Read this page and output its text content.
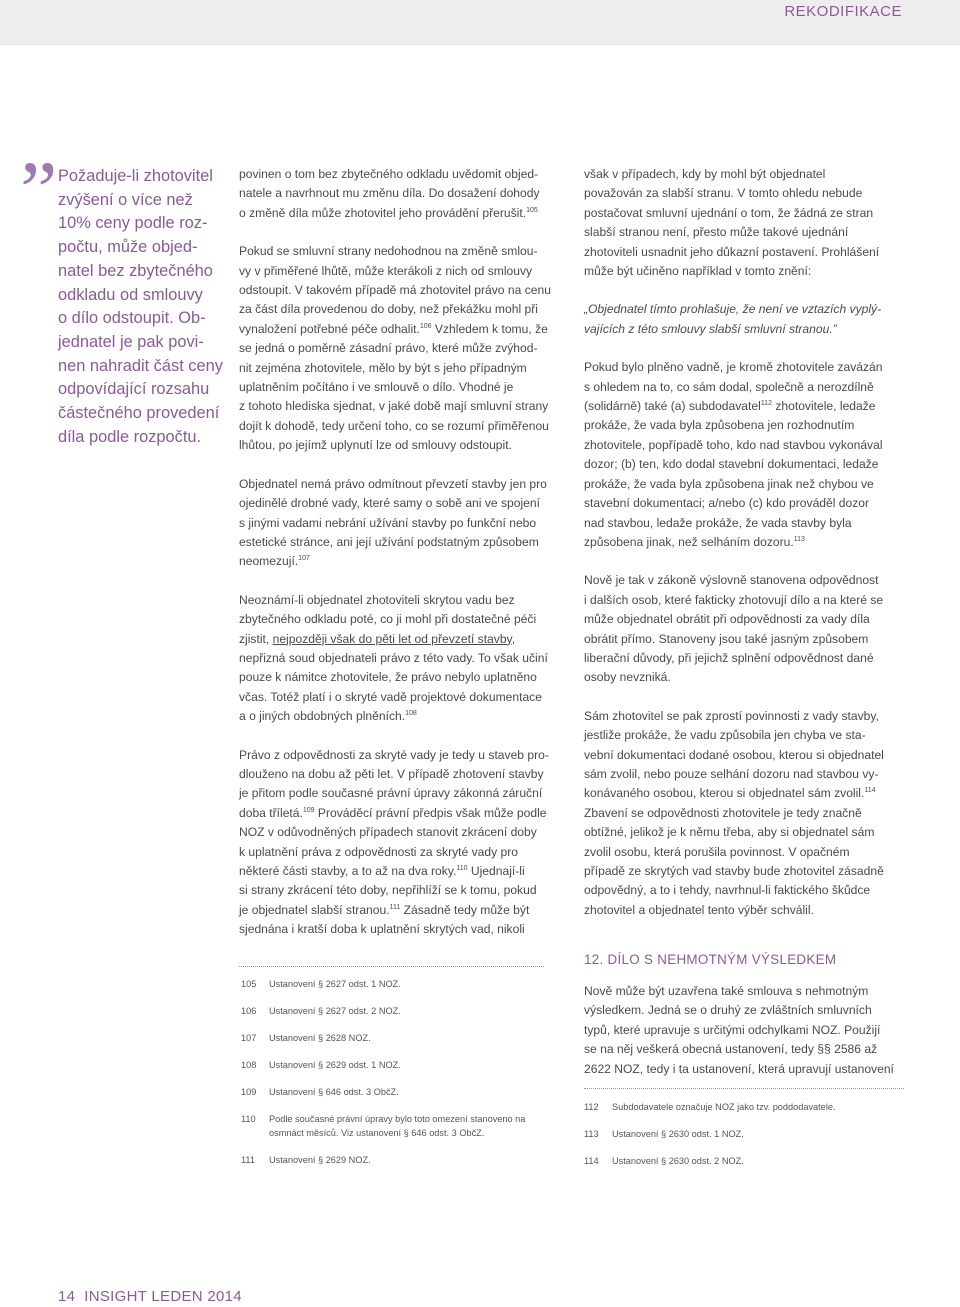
REKODIFIKACE
” Požaduje-li zhotovitel
zvýšení o více než
10% ceny podle roz-
počtu, může objed-
natel bez zbytečného
odkladu od smlouvy
o dílo odstoupit. Ob-
jednatel je pak povi-
nen nahradit část ceny
odpovídající rozsahu
částečného provedení
díla podle rozpočtu.

povinen o tom bez zbytečného odkladu uvědomit objed-
natele a navrhnout mu změnu díla. Do dosažení dohody
o změně díla může zhotovitel jeho provádění přerušit.$^{105}$

Pokud se smluvní strany nedohodnou na změně smlou-
vy v přiměřené lhůtě, může kterákoli z nich od smlouvy
odstoupit. V takovém případě má zhotovitel právo na cenu
za část díla provedenou do doby, než překážku mohl při
vynaložení potřebné péče odhalit.$^{106}$ Vzhledem k tomu, že
se jedná o poměrně zásadní právo, které může zvýhod-
nit zejména zhotovitele, mělo by být s jeho případným
uplatněním počítáno i ve smlouvě o dílo. Vhodné je
z tohoto hlediska sjednat, v jaké době mají smluvní strany
dojít k dohodě, tedy určení toho, co se rozumí přiměřenou
lhůtou, po jejímž uplynutí lze od smlouvy odstoupit.

Objednatel nemá právo odmítnout převzetí stavby jen pro
ojedinělé drobné vady, které samy o sobě ani ve spojení
s jinými vadami nebrání užívání stavby po funkční nebo
estetické stránce, ani její užívání podstatným způsobem
neomezují.$^{107}$

Neoznámí-li objednatel zhotoviteli skrytou vadu bez
zbytečného odkladu poté, co ji mohl při dostatečné péči
zjistit, nejpozději však do pěti let od převzetí stavby,
nepřizná soud objednateli právo z této vady. To však učiní
pouze k námitce zhotovitele, že právo nebylo uplatněno
včas. Totéž platí i o skryté vadě projektové dokumentace
a o jiných obdobných plněních.$^{108}$

Právo z odpovědnosti za skryté vady je tedy u staveb pro-
dlouženo na dobu až pěti let. V případě zhotovení stavby
je přitom podle současné právní úpravy zákonná záruční
doba tříletá.$^{109}$ Prováděcí právní předpis však může podle
NOZ v odůvodněných případech stanovit zkrácení doby
k uplatnění práva z odpovědnosti za skryté vady pro
některé části stavby, a to až na dva roky.$^{110}$ Ujednají-li
si strany zkrácení této doby, nepřihlíží se k tomu, pokud
je objednatel slabší stranou.$^{111}$ Zásadně tedy může být
sjednána i kratší doba k uplatnění skrytých vad, nikoli

však v případech, kdy by mohl být objednatel
považován za slabší stranu. V tomto ohledu nebude
postačovat smluvní ujednání o tom, že žádná ze stran
slabší stranou není, přesto může takové ujednání
zhotoviteli usnadnit jeho důkazní postavení. Prohlášení
může být učiněno například v tomto znění:

„Objednatel tímto prohlašuje, že není ve vztazích vyplý-
vajících z této smlouvy slabší smluvní stranou.”

Pokud bylo plněno vadně, je kromě zhotovitele zavázán
s ohledem na to, co sám dodal, společně a nerozdílně
(solidárně) také (a) subdodavatel$^{112}$ zhotovitele, ledaže
prokáže, že vada byla způsobena jen rozhodnutím
zhotovitele, popřípadě toho, kdo nad stavbou vykonával
dozor; (b) ten, kdo dodal stavební dokumentaci, ledaže
prokáže, že vada byla způsobena jinak než chybou ve
stavební dokumentaci; a/nebo (c) kdo prováděl dozor
nad stavbou, ledaže prokáže, že vada stavby byla
způsobena jinak, než selháním dozoru.$^{113}$

Nově je tak v zákoně výslovně stanovena odpovědnost
i dalších osob, které fakticky zhotovují dílo a na které se
může objednatel obrátit při odpovědnosti za vady díla
obrátit přímo. Stanoveny jsou také jasným způsobem
liberační důvody, při jejichž splnění odpovědnost dané
osoby nevzniká.

Sám zhotovitel se pak zprostí povinnosti z vady stavby,
jestliže prokáže, že vadu způsobila jen chyba ve sta-
vební dokumentaci dodané osobou, kterou si objednatel
sám zvolil, nebo pouze selhání dozoru nad stavbou vy-
konávaného osobou, kterou si objednatel sám zvolil.$^{114}$
Zbavení se odpovědnosti zhotovitele je tedy značně
obtížné, jelikož je k němu třeba, aby si objednatel sám
zvolil osobu, která porušila povinnost. V opačném
případě ze skrytých vad stavby bude zhotovitel zásadně
odpovědný, a to i tehdy, navrhnul-li faktického škůdce
zhotovitel a objednatel tento výběr schválil.

12. DÍLO S NEHMOTNÝM VÝSLEDKEM

Nově může být uzavřena také smlouva s nehmotným
výsledkem. Jedná se o druhý ze zvláštních smluvních
typů, které upravuje s určitými odchylkami NOZ. Použijí
se na něj veškerá obecná ustanovení, tedy §§ 2586 až
2622 NOZ, tedy i ta ustanovení, která upravují ustanovení

105	Ustanovení § 2627 odst. 1 NOZ.
106	Ustanovení § 2627 odst. 2 NOZ.
107	Ustanovení § 2628 NOZ.
108	Ustanovení § 2629 odst. 1 NOZ.
109	Ustanovení § 646 odst. 3 ObčZ.
110	Podle současné právní úpravy bylo toto omezení stanoveno na
osmnáct měsíců. Viz ustanovení § 646 odst. 3 ObčZ.
111	Ustanovení § 2629 NOZ.
112	Subdodavatele označuje NOZ jako tzv. poddodavatele.
113	Ustanovení § 2630 odst. 1 NOZ.
114	Ustanovení § 2630 odst. 2 NOZ.
14 INSIGHT LEDEN 2014
